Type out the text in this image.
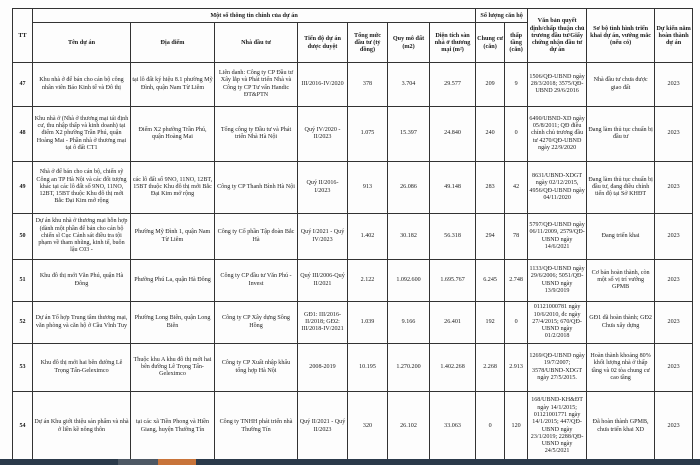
TT	Một số thông tin chính của dự án							Số lượng căn hộ		Văn bản quyết định/chấp thuận chủ trương đầu tư/Giấy chứng nhận đầu tư dự án	Sơ bộ tình hình triển khai dự án, vướng mắc (nếu có)	Dự kiến năm hoàn thành dự án
	Tên dự án	Địa điểm	Nhà đầu tư	Tiến độ dự án được duyệt	Tổng mức đầu tư (tỷ đồng)	Quy mô đất (m2)	Diện tích sàn nhà ở thương mại (m²)	Chung cư (căn)	thấp tầng (căn)			
47	Khu nhà ở để bán cho cán bộ công nhân viên Báo Kinh tế và Đô thị	tại lô đất ký hiệu 8.1 phường Mỹ Đình, quận Nam Từ Liêm	Liên danh: Công ty CP Đầu tư Xây lắp và Phát triển Nhà và Công ty CP Tư vấn Handic ĐT&PTN	III/2016-IV/2020	378	3.704	29.577	209	9	1506/QĐ-UBND ngày 28/3/2018; 3575/QĐ-UBND 29/6/2016	Nhà đầu tư chưa được giao đất	2023
48	Khu nhà ở (Nhà ở thương mại tái định cư, thu nhập thấp và kinh doanh) tại điểm X2 phường Trần Phú, quận Hoàng Mai - Phần nhà ở thương mại tại ô đất CT1	Điểm X2 phường Trần Phú, quận Hoàng Mai	Tổng công ty Đầu tư và Phát triển Nhà Hà Nội	Quý IV/2020 - II/2023	1.075	15.397	24.840	240	0	6490/UBND-XD ngày 05/8/2011; QĐ điều chỉnh chủ trương đầu tư 4270/QĐ-UBND ngày 22/9/2020	Đang làm thủ tục chuẩn bị đầu tư	2023
49	Nhà ở để bán cho cán bộ, chiến sỹ Công an TP Hà Nội và các đối tượng khác tại các lô đất số 9NO, 11NO, 12BT, 15BT thuộc Khu đô thị mới Bắc Đại Kim mở rộng	các lô đất số 9NO, 11NO, 12BT, 15BT thuộc Khu đô thị mới Bắc Đại Kim mở rộng	Công ty CP Thanh Bình Hà Nội	Quý II/2016-I/2023	913	26.086	49.148	283	42	8631/UBND-XDGT ngày 02/12/2015, 4956/QĐ-UBND ngày 04/11/2020	Đang làm thủ tục chuẩn bị đầu tư, đang điều chỉnh tiến độ tại Sở KHĐT	2023
50	Dự án khu nhà ở thương mại hỗn hợp (dành một phần để bán cho cán bộ chiến sĩ Cục Cảnh sát điều tra tội phạm về tham nhũng, kinh tế, buôn lậu C03 -	Phường Mỹ Đình 1, quận Nam Từ Liêm	Công ty Cổ phần Tập đoàn Bắc Hà	Quý I/2021 - Quý IV/2023	1.402	30.182	56.318	294	78	5797/QĐ-UBND ngày 06/11/2009, 2579/QĐ-UBND ngày 14/6/2021	Đang triển khai	2023
51	Khu đô thị mới Văn Phú, quận Hà Đông	Phường Phú La, quận Hà Đông	Công ty CP đầu tư Văn Phú - Invest	Quý III/2006-Quý II/2021	2.122	1.092.600	1.695.767	6.245	2.748	1133/QĐ-UBND ngày 29/6/2006; 5051/QĐ-UBND ngày 13/9/2019	Cơ bản hoàn thành, còn một số vị trí vướng GPMB	2023
52	Dự án Tổ hợp Trung tâm thương mại, văn phòng và căn hộ ở Cầu Vĩnh Tuy	Phường Long Biên, quận Long Biên	Công ty CP Xây dựng Sông Hồng	GĐ1: III/2016-II/2018; GĐ2: III/2018-IV/2021	1.039	9.166	26.401	192	0	01121000781 ngày 10/6/2010, đc ngày 27/4/2015; 670/QĐ-UBND ngày 01/2/2018	GĐ1 đã hoàn thành; GĐ2 Chưa xây dựng	2023
53	Khu đô thị mới hai bên đường Lê Trọng Tấn-Geleximco	Thuộc khu A khu đô thị mới hai bên đường Lê Trọng Tấn-Geleximco	Công ty CP Xuất nhập khẩu tổng hợp Hà Nội	2008-2019	10.195	1.270.200	1.402.268	2.268	2.913	1269/QĐ-UBND ngày 19/7/2007; 3578/UBND-XDGT ngày 27/5/2015.	Hoàn thành khoảng 80% khối lượng nhà ở thấp tầng và 02 tòa chung cư cao tầng	2023
54	Dự án Khu giới thiệu sản phẩm và nhà ở liền kề nông thôn	tại các xã Tiền Phong và Hiền Giang, huyện Thường Tín	Công ty TNHH phát triển nhà Thường Tín	Quý II/2021 - Quý II/2023	320	26.102	33.063	0	120	168/UBND-KH&ĐT ngày 14/1/2015; 01121001771 ngày 14/1/2015; 447/QĐ-UBND ngày 23/1/2019; 2288/QĐ-UBND ngày 24/5/2021	Đã hoàn thành GPMB, chưa triển khai XD	2023
